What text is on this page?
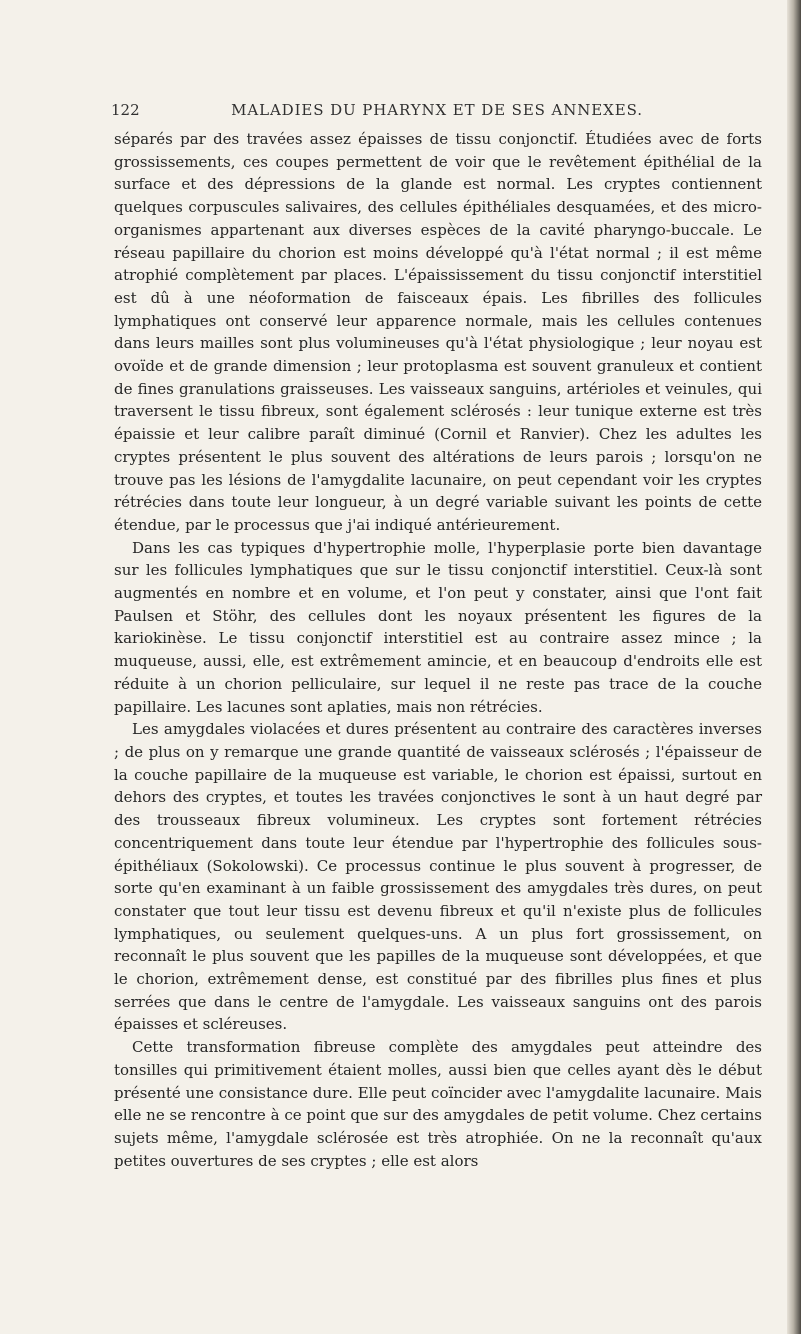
122	MALADIES DU PHARYNX ET DE SES ANNEXES.

séparés par des travées assez épaisses de tissu conjonctif. Étudiées avec de forts grossissements, ces coupes permettent de voir que le revêtement épithélial de la surface et des dépressions de la glande est normal. Les cryptes contiennent quelques corpuscules salivaires, des cellules épithéliales desquamées, et des micro-organismes appartenant aux diverses espèces de la cavité pharyngo-buccale. Le réseau papillaire du chorion est moins développé qu'à l'état normal ; il est même atrophié complètement par places. L'épaississement du tissu conjonctif interstitiel est dû à une néoformation de faisceaux épais. Les fibrilles des follicules lymphatiques ont conservé leur apparence normale, mais les cellules contenues dans leurs mailles sont plus volumineuses qu'à l'état physiologique ; leur noyau est ovoïde et de grande dimension ; leur protoplasma est souvent granuleux et contient de fines granulations graisseuses. Les vaisseaux sanguins, artérioles et veinules, qui traversent le tissu fibreux, sont également sclérosés : leur tunique externe est très épaissie et leur calibre paraît diminué (Cornil et Ranvier). Chez les adultes les cryptes présentent le plus souvent des altérations de leurs parois ; lorsqu'on ne trouve pas les lésions de l'amygdalite lacunaire, on peut cependant voir les cryptes rétrécies dans toute leur longueur, à un degré variable suivant les points de cette étendue, par le processus que j'ai indiqué antérieurement.

Dans les cas typiques d'hypertrophie molle, l'hyperplasie porte bien davantage sur les follicules lymphatiques que sur le tissu conjonctif interstitiel. Ceux-là sont augmentés en nombre et en volume, et l'on peut y constater, ainsi que l'ont fait Paulsen et Stöhr, des cellules dont les noyaux présentent les figures de la kariokinèse. Le tissu conjonctif interstitiel est au contraire assez mince ; la muqueuse, aussi, elle, est extrêmement amincie, et en beaucoup d'endroits elle est réduite à un chorion pelliculaire, sur lequel il ne reste pas trace de la couche papillaire. Les lacunes sont aplaties, mais non rétrécies.

Les amygdales violacées et dures présentent au contraire des caractères inverses ; de plus on y remarque une grande quantité de vaisseaux sclérosés ; l'épaisseur de la couche papillaire de la muqueuse est variable, le chorion est épaissi, surtout en dehors des cryptes, et toutes les travées conjonctives le sont à un haut degré par des trousseaux fibreux volumineux. Les cryptes sont fortement rétrécies concentriquement dans toute leur étendue par l'hypertrophie des follicules sous-épithéliaux (Sokolowski). Ce processus continue le plus souvent à progresser, de sorte qu'en examinant à un faible grossissement des amygdales très dures, on peut constater que tout leur tissu est devenu fibreux et qu'il n'existe plus de follicules lymphatiques, ou seulement quelques-uns. A un plus fort grossissement, on reconnaît le plus souvent que les papilles de la muqueuse sont développées, et que le chorion, extrêmement dense, est constitué par des fibrilles plus fines et plus serrées que dans le centre de l'amygdale. Les vaisseaux sanguins ont des parois épaisses et scléreuses.

Cette transformation fibreuse complète des amygdales peut atteindre des tonsilles qui primitivement étaient molles, aussi bien que celles ayant dès le début présenté une consistance dure. Elle peut coïncider avec l'amygdalite lacunaire. Mais elle ne se rencontre à ce point que sur des amygdales de petit volume. Chez certains sujets même, l'amygdale sclérosée est très atrophiée. On ne la reconnaît qu'aux petites ouvertures de ses cryptes ; elle est alors
